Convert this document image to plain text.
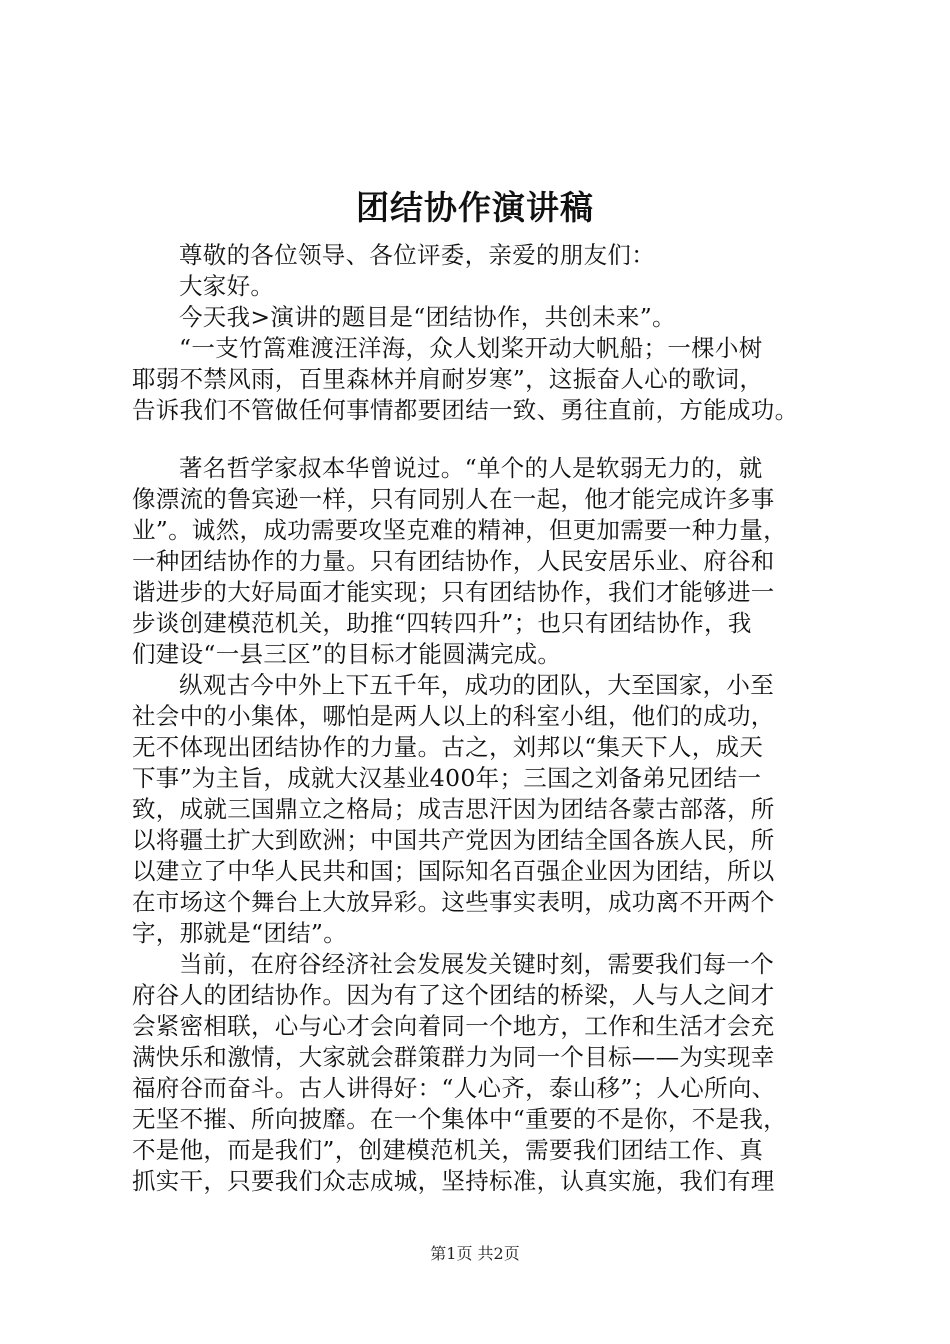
团结协作演讲稿
尊敬的各位领导、各位评委，亲爱的朋友们：
大家好。
今天我>演讲的题目是“团结协作，共创未来”。
“一支竹篙难渡汪洋海，众人划桨开动大帆船；一棵小树
耶弱不禁风雨，百里森林并肩耐岁寒”，这振奋人心的歌词，
告诉我们不管做任何事情都要团结一致、勇往直前，方能成功。
著名哲学家叔本华曾说过。“单个的人是软弱无力的，就
像漂流的鲁宾逊一样，只有同别人在一起，他才能完成许多事
业”。诚然，成功需要攻坚克难的精神，但更加需要一种力量，
一种团结协作的力量。只有团结协作，人民安居乐业、府谷和
谐进步的大好局面才能实现；只有团结协作，我们才能够进一
步谈创建模范机关，助推“四转四升”；也只有团结协作，我
们建设“一县三区”的目标才能圆满完成。
纵观古今中外上下五千年，成功的团队，大至国家，小至
社会中的小集体，哪怕是两人以上的科室小组，他们的成功，
无不体现出团结协作的力量。古之，刘邦以“集天下人，成天
下事”为主旨，成就大汉基业400年；三国之刘备弟兄团结一
致，成就三国鼎立之格局；成吉思汗因为团结各蒙古部落，所
以将疆土扩大到欧洲；中国共产党因为团结全国各族人民，所
以建立了中华人民共和国；国际知名百强企业因为团结，所以
在市场这个舞台上大放异彩。这些事实表明，成功离不开两个
字，那就是“团结”。
当前，在府谷经济社会发展发关键时刻，需要我们每一个
府谷人的团结协作。因为有了这个团结的桥梁，人与人之间才
会紧密相联，心与心才会向着同一个地方，工作和生活才会充
满快乐和激情，大家就会群策群力为同一个目标——为实现幸
福府谷而奋斗。古人讲得好：“人心齐，泰山移”；人心所向、
无坚不摧、所向披靡。在一个集体中“重要的不是你，不是我，
不是他，而是我们”，创建模范机关，需要我们团结工作、真
抓实干，只要我们众志成城，坚持标准，认真实施，我们有理
第1页 共2页
